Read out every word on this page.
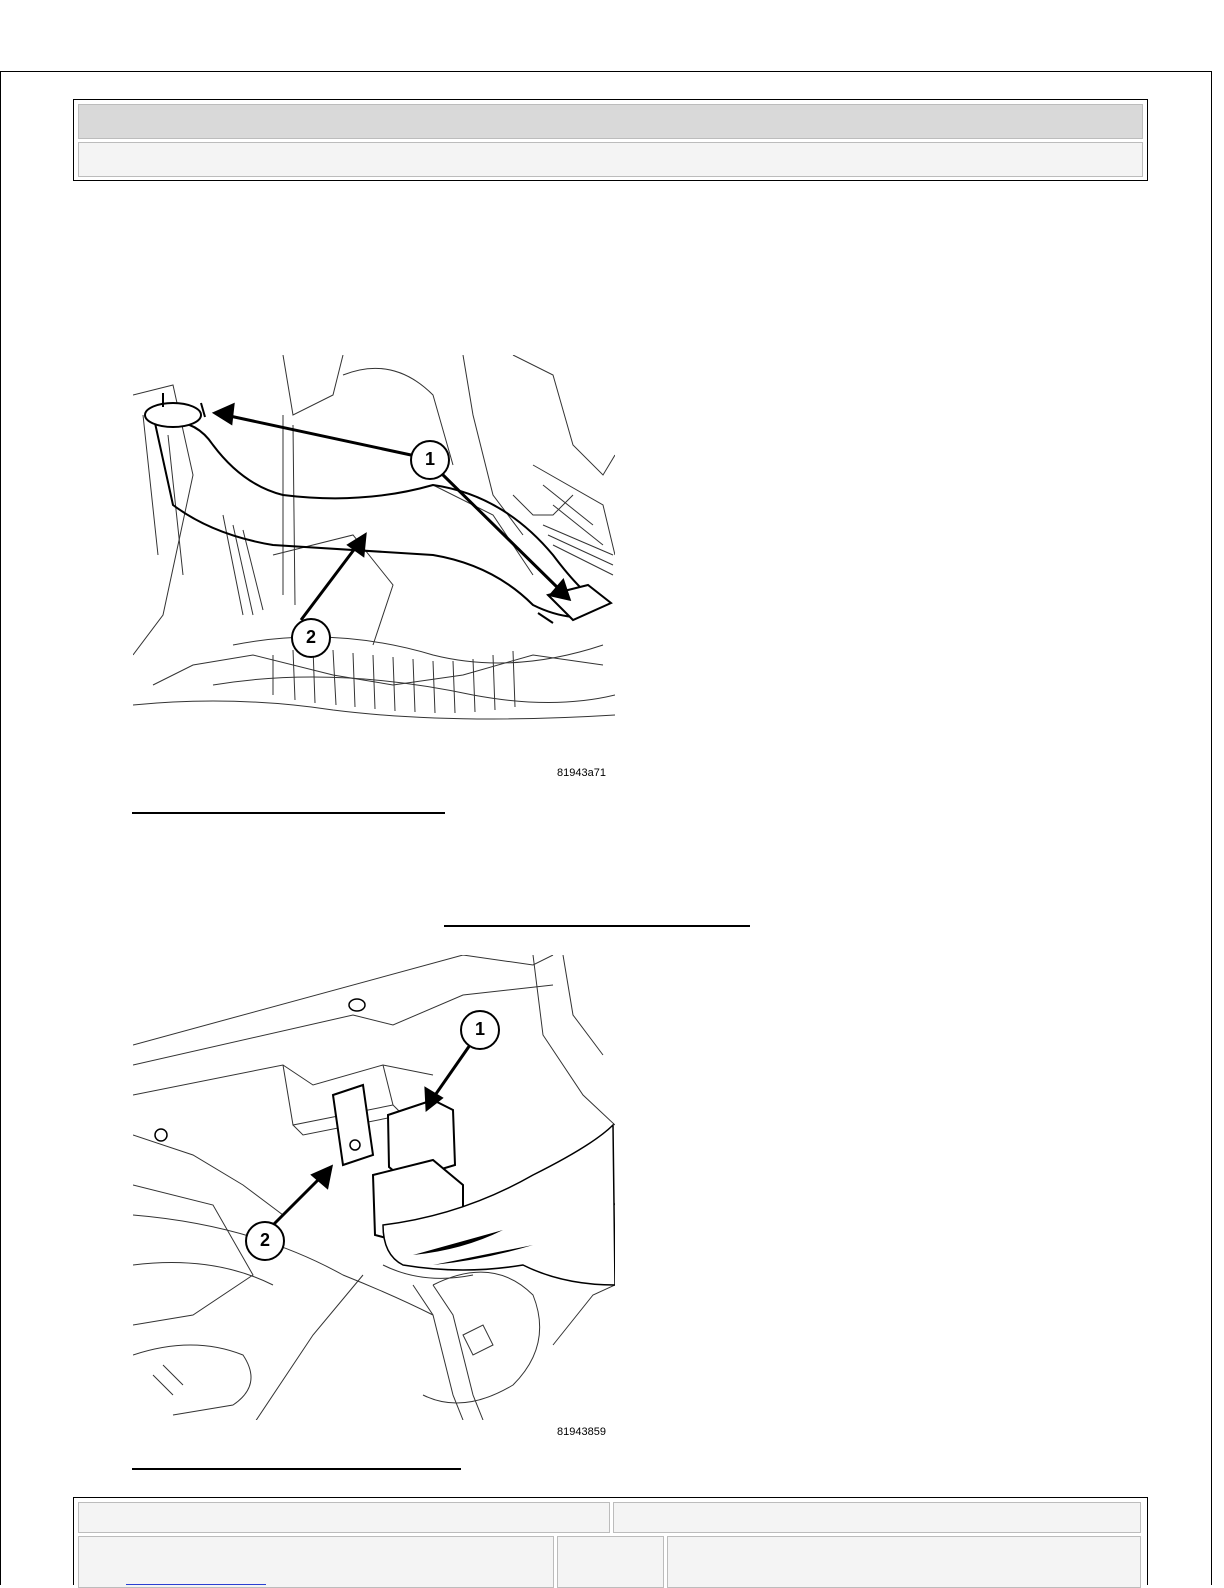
1
2
81943a71
1
2
81943859
